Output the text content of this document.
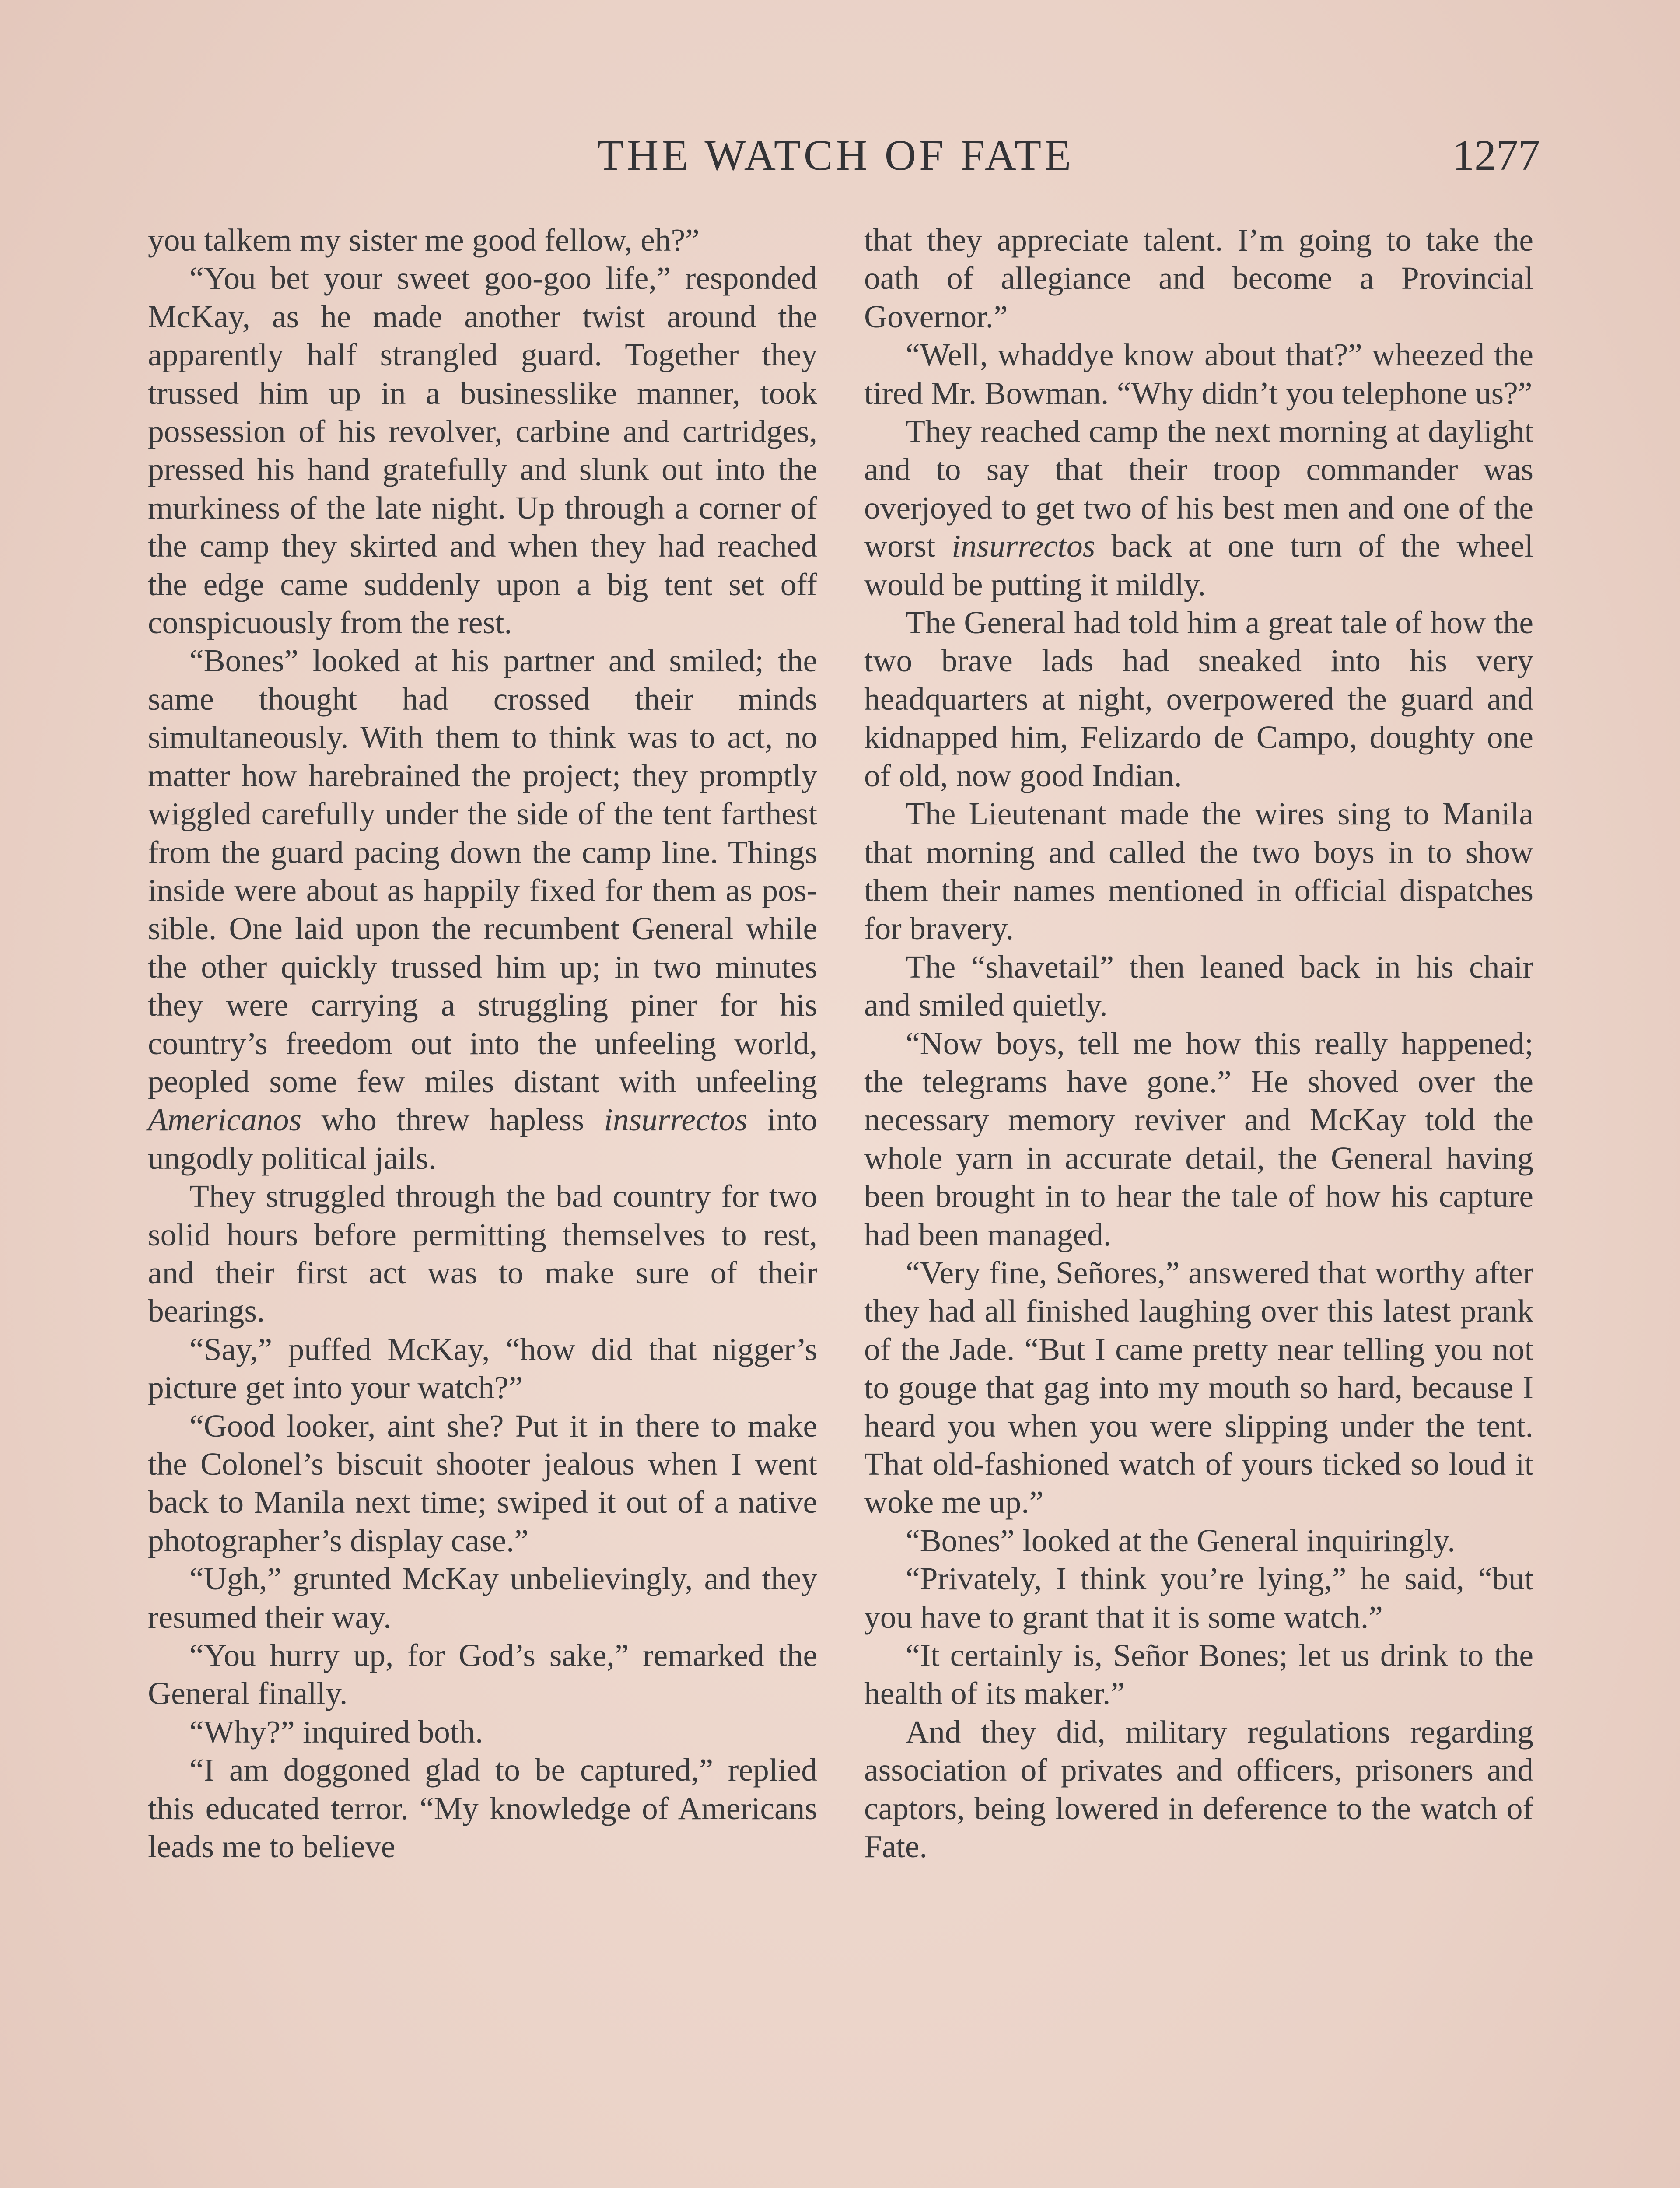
THE WATCH OF FATE	1277

you talkem my sister me good fellow, eh?”

“You bet your sweet goo-goo life,” responded McKay, as he made another twist around the apparently half strangled guard. Together they trussed him up in a businesslike manner, took possession of his revolver, carbine and cartridges, pressed his hand gratefully and slunk out into the murkiness of the late night. Up through a corner of the camp they skirted and when they had reached the edge came suddenly upon a big tent set off conspicuously from the rest.

“Bones” looked at his partner and smiled; the same thought had crossed their minds simultaneously. With them to think was to act, no matter how harebrained the project; they promptly wiggled carefully under the side of the tent farthest from the guard pacing down the camp line. Things inside were about as happily fixed for them as possible. One laid upon the recumbent General while the other quickly trussed him up; in two minutes they were carrying a struggling piner for his country’s freedom out into the unfeeling world, peopled some few miles distant with unfeeling Americanos who threw hapless insurrectos into ungodly political jails.

They struggled through the bad country for two solid hours before permitting themselves to rest, and their first act was to make sure of their bearings.

“Say,” puffed McKay, “how did that nigger’s picture get into your watch?”

“Good looker, aint she? Put it in there to make the Colonel’s biscuit shooter jealous when I went back to Manila next time; swiped it out of a native photographer’s display case.”

“Ugh,” grunted McKay unbelievingly, and they resumed their way.

“You hurry up, for God’s sake,” remarked the General finally.

“Why?” inquired both.

“I am doggoned glad to be captured,” replied this educated terror. “My knowledge of Americans leads me to believe

that they appreciate talent. I’m going to take the oath of allegiance and become a Provincial Governor.”

“Well, whaddye know about that?” wheezed the tired Mr. Bowman. “Why didn’t you telephone us?”

They reached camp the next morning at daylight and to say that their troop commander was overjoyed to get two of his best men and one of the worst insurrectos back at one turn of the wheel would be putting it mildly.

The General had told him a great tale of how the two brave lads had sneaked into his very headquarters at night, overpowered the guard and kidnapped him, Felizardo de Campo, doughty one of old, now good Indian.

The Lieutenant made the wires sing to Manila that morning and called the two boys in to show them their names mentioned in official dispatches for bravery.

The “shavetail” then leaned back in his chair and smiled quietly.

“Now boys, tell me how this really happened; the telegrams have gone.” He shoved over the necessary memory reviver and McKay told the whole yarn in accurate detail, the General having been brought in to hear the tale of how his capture had been managed.

“Very fine, Señores,” answered that worthy after they had all finished laughing over this latest prank of the Jade. “But I came pretty near telling you not to gouge that gag into my mouth so hard, because I heard you when you were slipping under the tent. That old-fashioned watch of yours ticked so loud it woke me up.”

“Bones” looked at the General inquiringly.

“Privately, I think you’re lying,” he said, “but you have to grant that it is some watch.”

“It certainly is, Señor Bones; let us drink to the health of its maker.”

And they did, military regulations regarding association of privates and officers, prisoners and captors, being lowered in deference to the watch of Fate.
